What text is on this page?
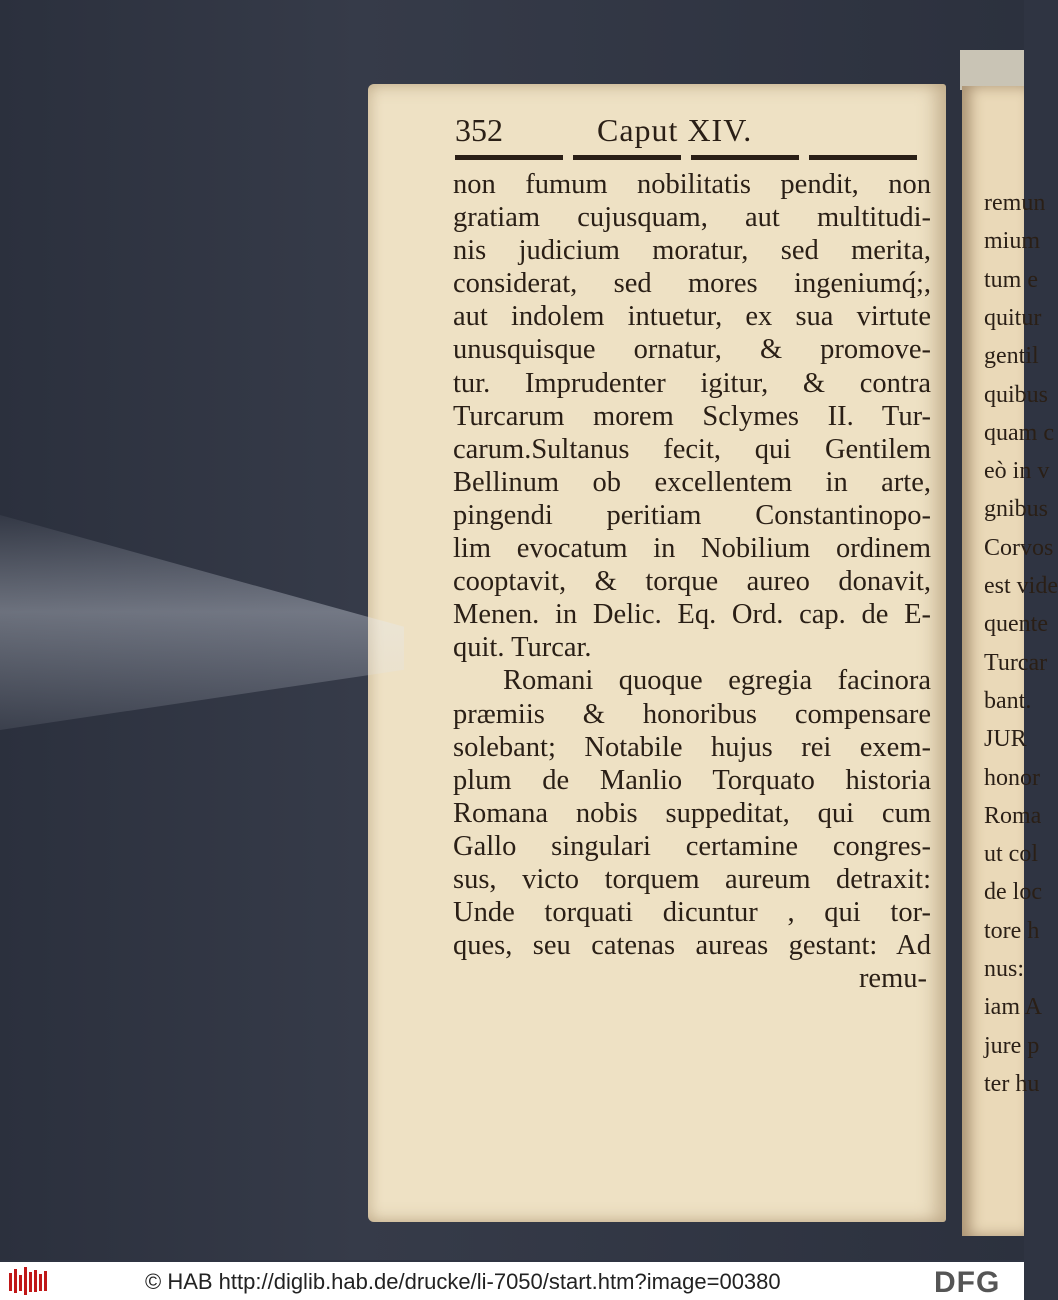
remun
mium
tum e
quitur
gentil
quibus
quam c
eò in v
gnibus
Corvos
est vide
quente
Turcar
bant.
JUR
honor
Roma
ut col
de loc
tore h
nus:
iam A
jure p
ter hu
352	Caput XIV.
non fumum nobilitatis pendit, non
gratiam cujusquam, aut multitudi-
nis judicium moratur, sed merita,
considerat, sed mores ingeniumq́;,
aut indolem intuetur, ex sua virtute
unusquisque ornatur, & promove-
tur. Imprudenter igitur, & contra
Turcarum morem Sclymes II. Tur-
carum.Sultanus fecit, qui Gentilem
Bellinum ob excellentem in arte,
pingendi peritiam Constantinopo-
lim evocatum in Nobilium ordinem
cooptavit, & torque aureo donavit,
Menen. in Delic. Eq. Ord. cap. de E-
quit. Turcar.
Romani quoque egregia facinora
præmiis & honoribus compensare
solebant; Notabile hujus rei exem-
plum de Manlio Torquato historia
Romana nobis suppeditat, qui cum
Gallo singulari certamine congres-
sus, victo torquem aureum detraxit:
Unde torquati dicuntur , qui tor-
ques, seu catenas aureas gestant: Ad
remu-
© HAB http://diglib.hab.de/drucke/li-7050/start.htm?image=00380	DFG
